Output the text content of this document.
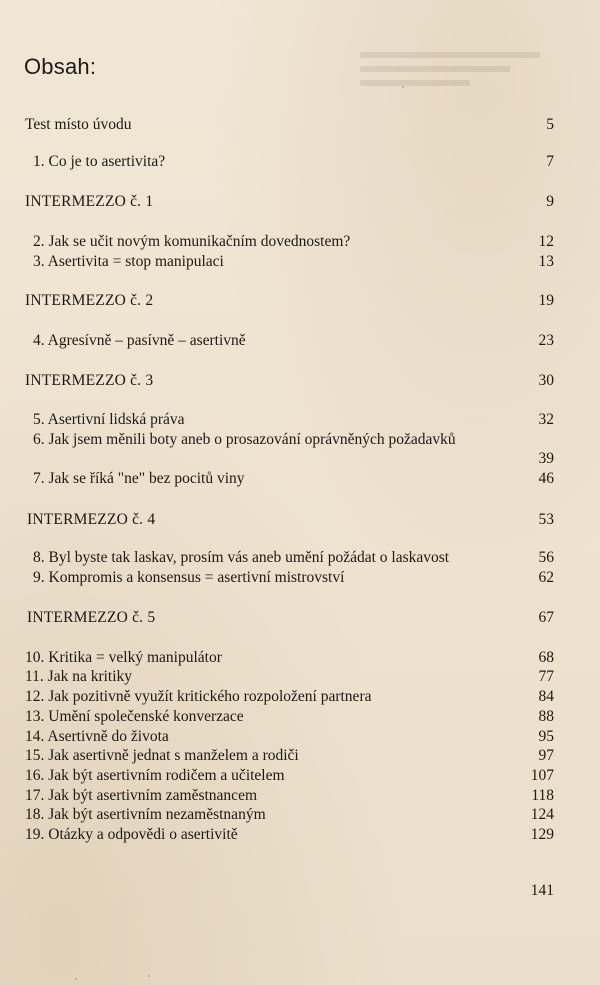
Obsah:
Test místo úvodu	5
1. Co je to asertivita?	7
INTERMEZZO č. 1	9
2. Jak se učit novým komunikačním dovednostem?	12
3. Asertivita = stop manipulaci	13
INTERMEZZO č. 2	19
4. Agresívně – pasívně – asertivně	23
INTERMEZZO č. 3	30
5. Asertivní lidská práva	32
6. Jak jsem měnili boty aneb o prosazování oprávněných požadavků
39
7. Jak se říká "ne" bez pocitů viny	46
INTERMEZZO č. 4	53
8. Byl byste tak laskav, prosím vás aneb umění požádat o laskavost	56
9. Kompromis a konsensus = asertivní mistrovství	62
INTERMEZZO č. 5	67
10. Kritika = velký manipulátor	68
11. Jak na kritiky	77
12. Jak pozitivně využít kritického rozpoložení partnera	84
13. Umění společenské konverzace	88
14. Asertivně do života	95
15. Jak asertivně jednat s manželem a rodiči	97
16. Jak být asertivním rodičem a učitelem	107
17. Jak být asertivním zaměstnancem	118
18. Jak být asertivním nezaměstnaným	124
19. Otázky a odpovědi o asertivitě	129
141
